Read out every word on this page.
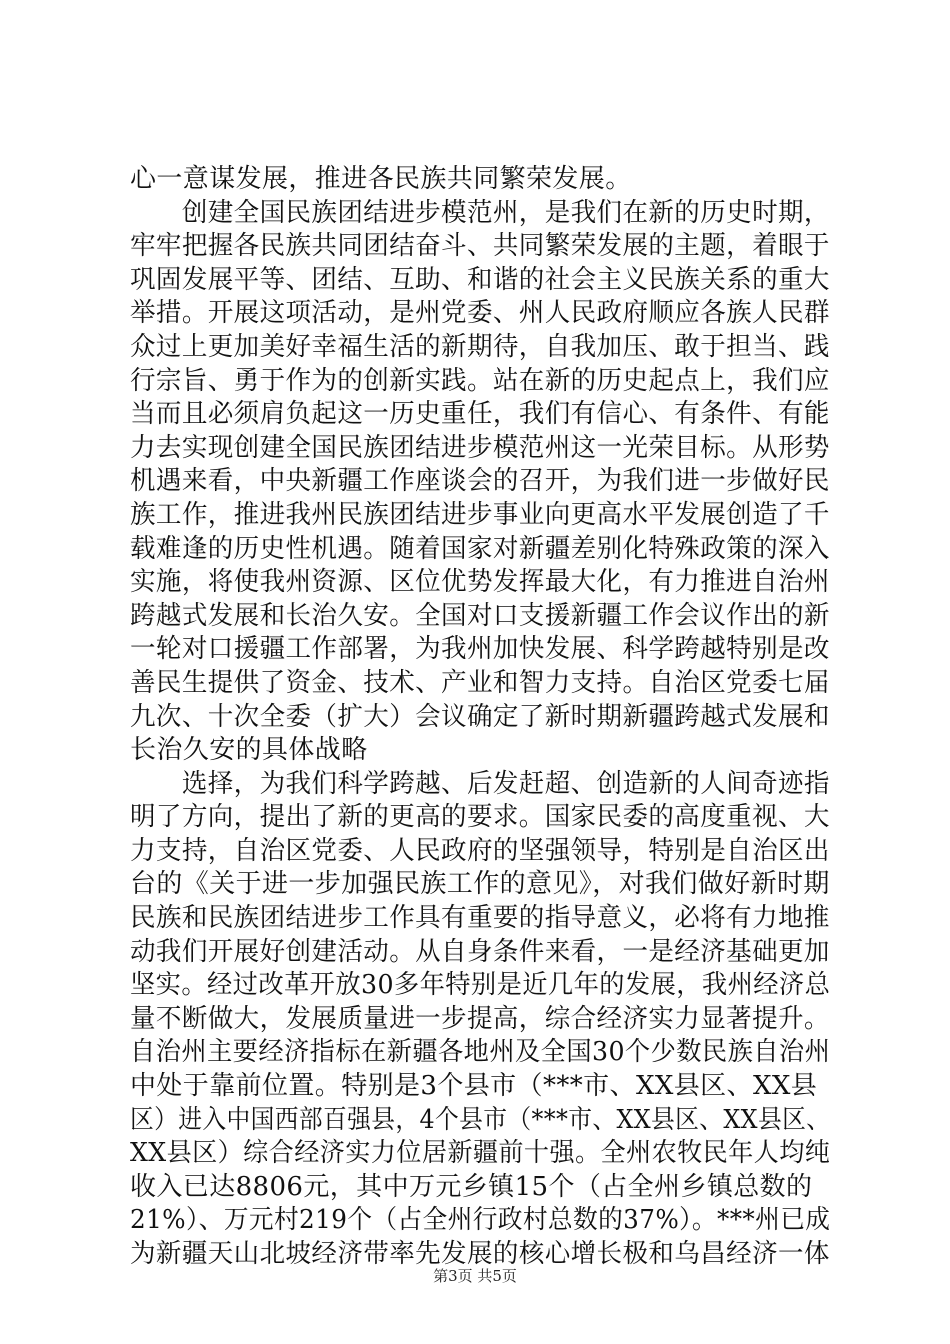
心一意谋发展，推进各民族共同繁荣发展。
　　创建全国民族团结进步模范州，是我们在新的历史时期，
牢牢把握各民族共同团结奋斗、共同繁荣发展的主题，着眼于
巩固发展平等、团结、互助、和谐的社会主义民族关系的重大
举措。开展这项活动，是州党委、州人民政府顺应各族人民群
众过上更加美好幸福生活的新期待，自我加压、敢于担当、践
行宗旨、勇于作为的创新实践。站在新的历史起点上，我们应
当而且必须肩负起这一历史重任，我们有信心、有条件、有能
力去实现创建全国民族团结进步模范州这一光荣目标。从形势
机遇来看，中央新疆工作座谈会的召开，为我们进一步做好民
族工作，推进我州民族团结进步事业向更高水平发展创造了千
载难逢的历史性机遇。随着国家对新疆差别化特殊政策的深入
实施，将使我州资源、区位优势发挥最大化，有力推进自治州
跨越式发展和长治久安。全国对口支援新疆工作会议作出的新
一轮对口援疆工作部署，为我州加快发展、科学跨越特别是改
善民生提供了资金、技术、产业和智力支持。自治区党委七届
九次、十次全委（扩大）会议确定了新时期新疆跨越式发展和
长治久安的具体战略
　　选择，为我们科学跨越、后发赶超、创造新的人间奇迹指
明了方向，提出了新的更高的要求。国家民委的高度重视、大
力支持，自治区党委、人民政府的坚强领导，特别是自治区出
台的《关于进一步加强民族工作的意见》，对我们做好新时期
民族和民族团结进步工作具有重要的指导意义，必将有力地推
动我们开展好创建活动。从自身条件来看，一是经济基础更加
坚实。经过改革开放30多年特别是近几年的发展，我州经济总
量不断做大，发展质量进一步提高，综合经济实力显著提升。
自治州主要经济指标在新疆各地州及全国30个少数民族自治州
中处于靠前位置。特别是3个县市（***市、XX县区、XX县
区）进入中国西部百强县，4个县市（***市、XX县区、XX县区、
XX县区）综合经济实力位居新疆前十强。全州农牧民年人均纯
收入已达8806元，其中万元乡镇15个（占全州乡镇总数的
21%）、万元村219个（占全州行政村总数的37%）。***州已成
为新疆天山北坡经济带率先发展的核心增长极和乌昌经济一体
第3页 共5页
